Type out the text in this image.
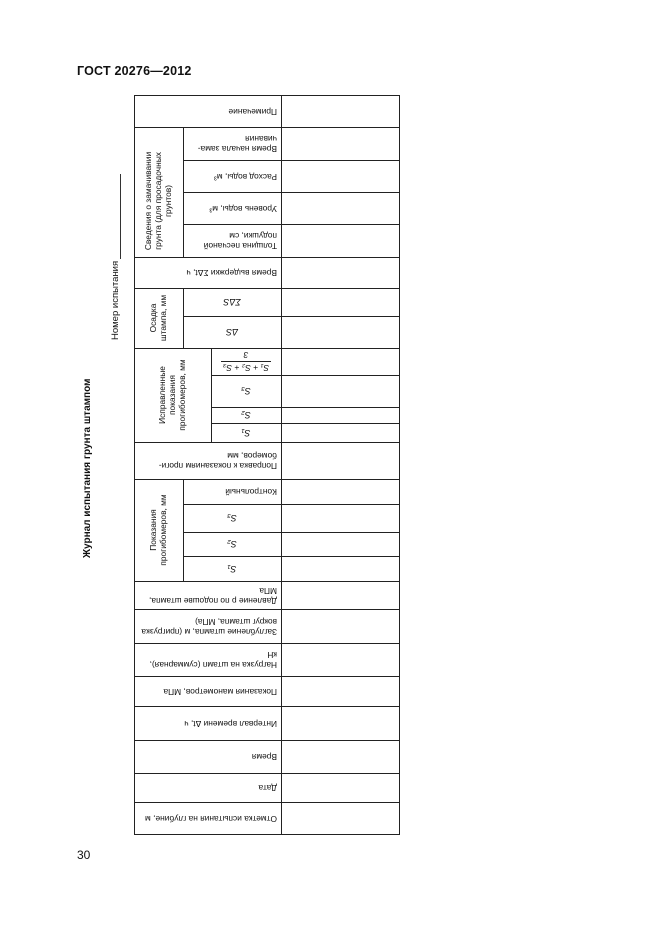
ГОСТ 20276—2012
Журнал испытания грунта штампом
Номер испытания
Сведения о замачивании грунта (для просадочных грунтов)
Осадка штампа, мм
Исправленные показания прогибомеров, мм
Показания прогибомеров, мм
Примечание
Время начала зама-чивания
Расход воды, м³
Уровень воды, м³
Толщина песчаной подушки, см
Время выдержки ΣΔt, ч
ΣΔS
ΔS
S₁ + S₂ + S₃
3
S₃
S₂
S₁
Поправка к показаниям проги-бомеров, мм
Контрольный
S₃
S₂
S₁
Давление р по подошве штампа, МПа
Заглубление штампа, м (пригрузка вокруг штампа, МПа)
Нагрузка на штамп (суммарная), кН
Показания манометров, МПа
Интервал времени Δt, ч
Время
Дата
Отметка испытания на глубине, м
30
